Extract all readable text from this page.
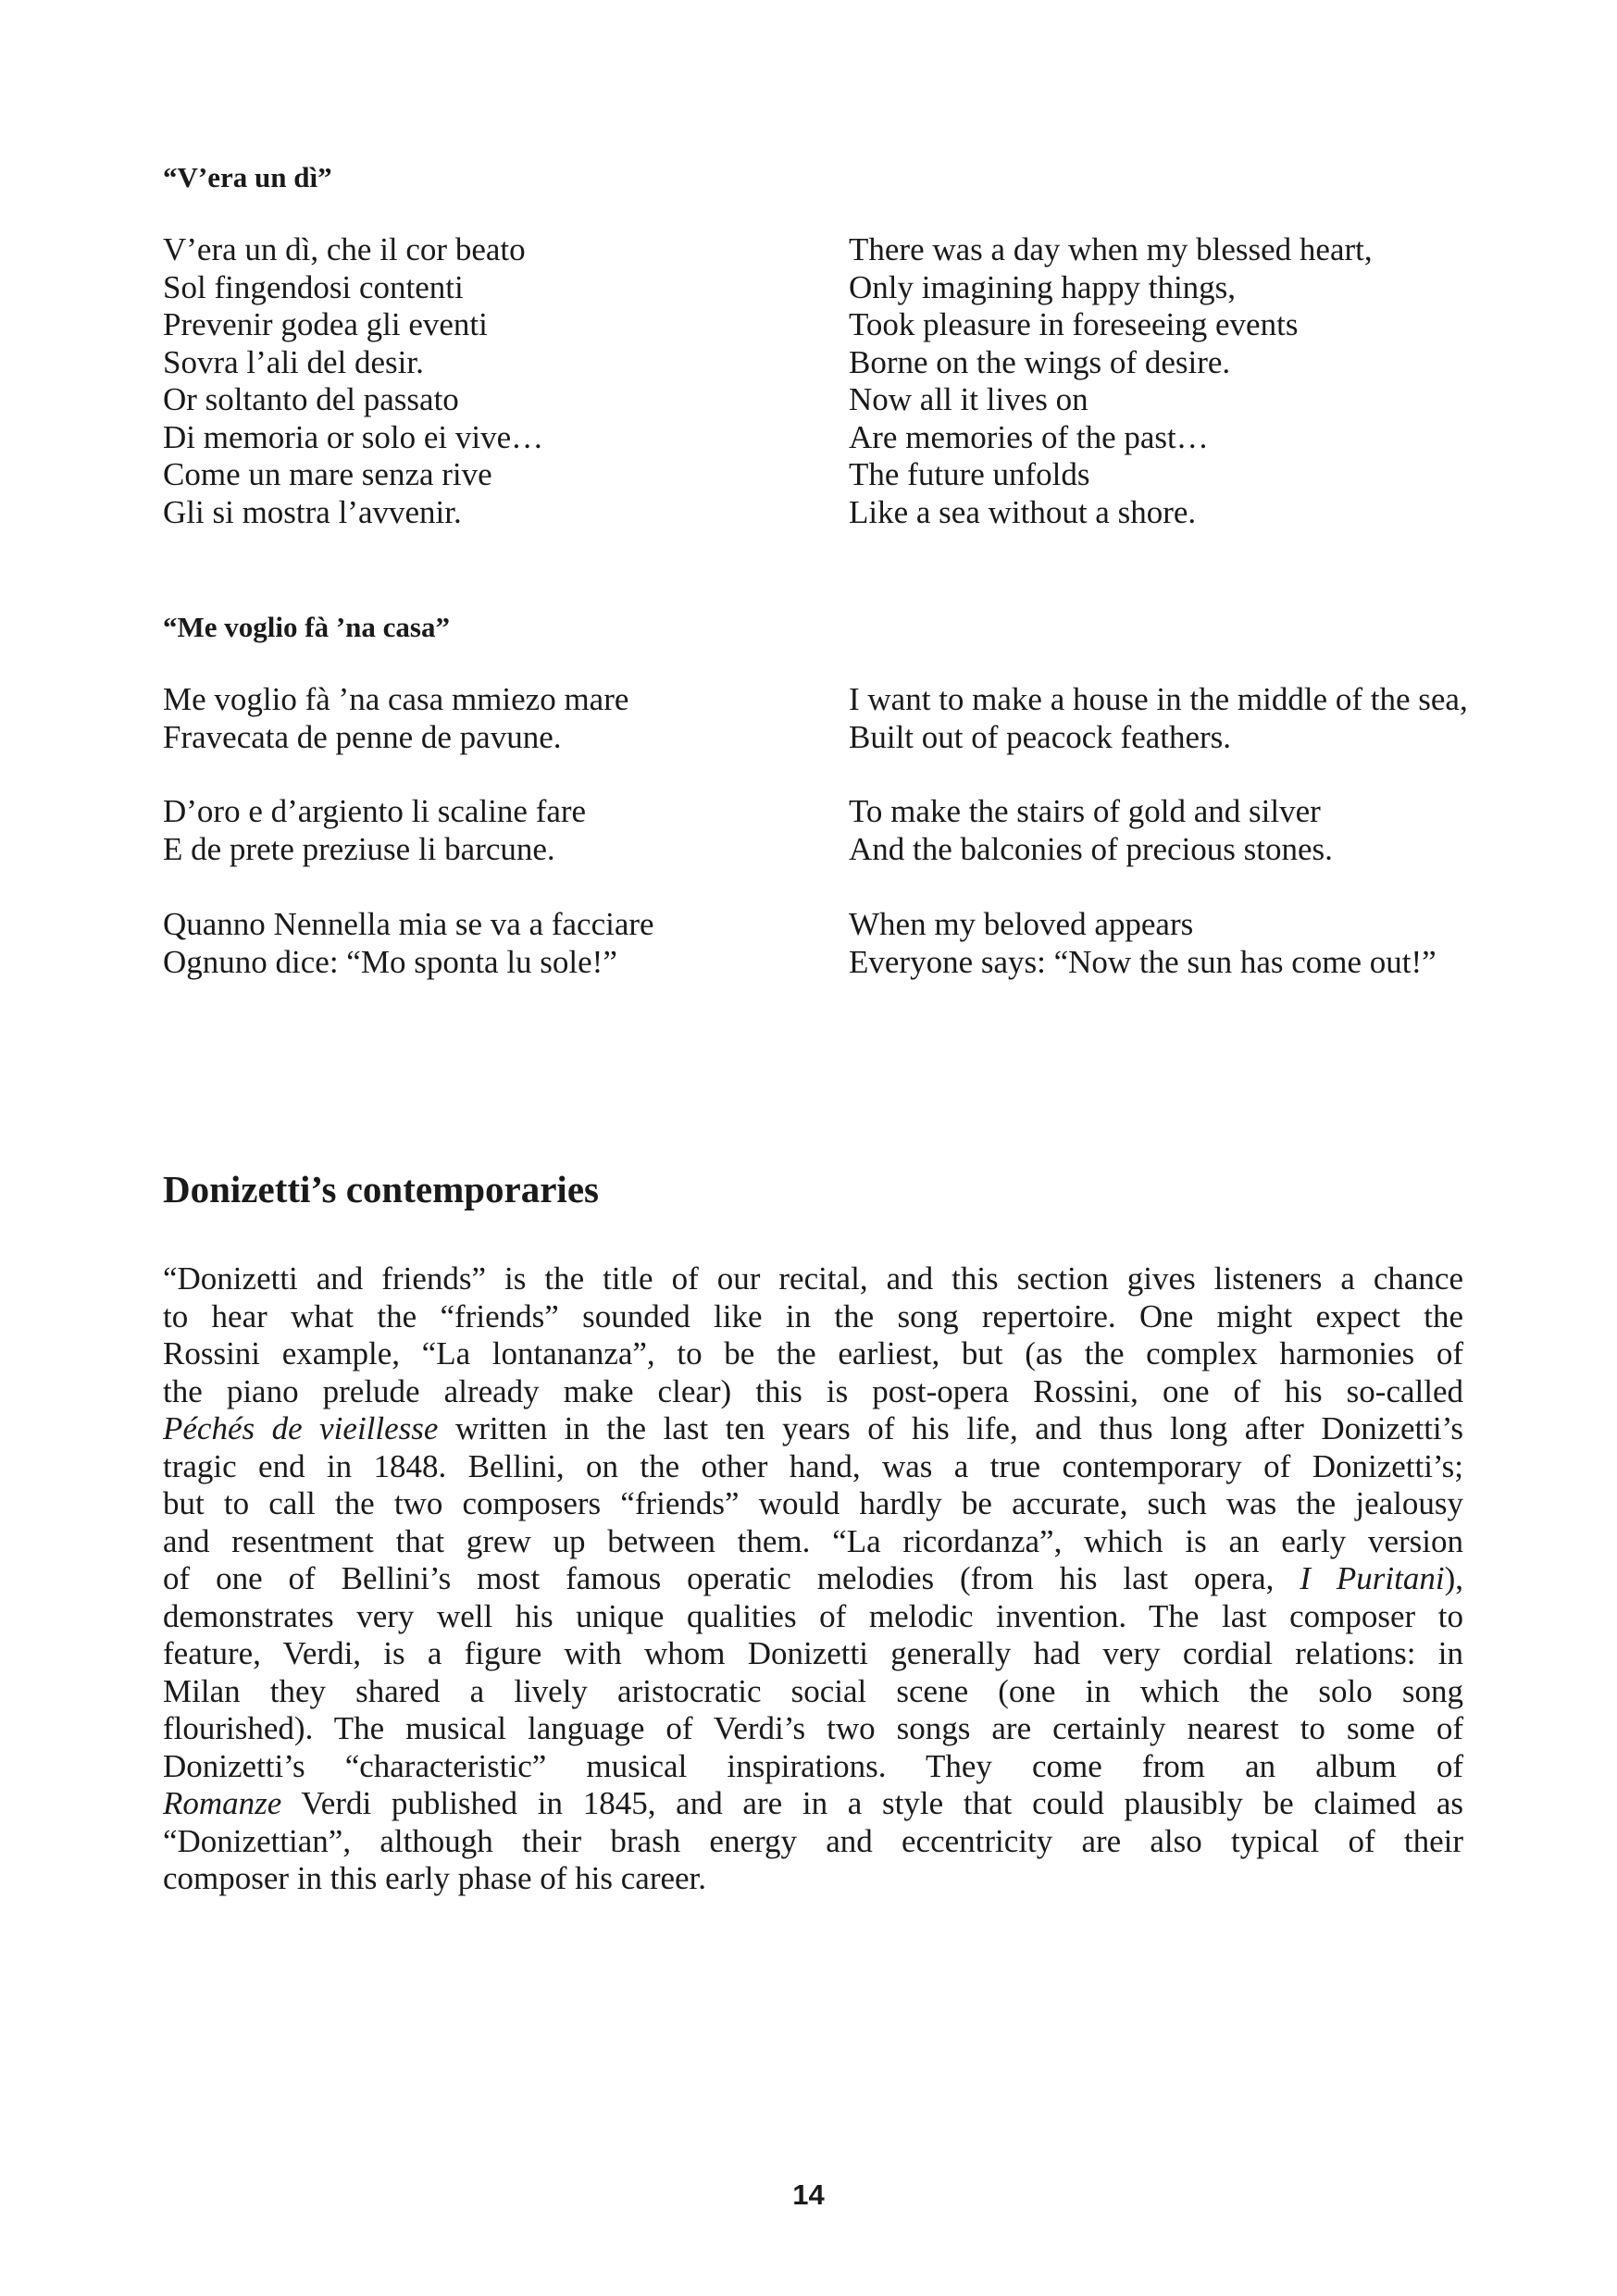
“V’era un dì”
V’era un dì, che il cor beato
Sol fingendosi contenti
Prevenir godea gli eventi
Sovra l’ali del desir.
Or soltanto del passato
Di memoria or solo ei vive…
Come un mare senza rive
Gli si mostra l’avvenir.
There was a day when my blessed heart,
Only imagining happy things,
Took pleasure in foreseeing events
Borne on the wings of desire.
Now all it lives on
Are memories of the past…
The future unfolds
Like a sea without a shore.
“Me voglio fà ’na casa”
Me voglio fà ’na casa mmiezo mare
Fravecata de penne de pavune.
I want to make a house in the middle of the sea,
Built out of peacock feathers.
D’oro e d’argiento li scaline fare
E de prete preziuse li barcune.
To make the stairs of gold and silver
And the balconies of precious stones.
Quanno Nennella mia se va a facciare
Ognuno dice: “Mo sponta lu sole!”
When my beloved appears
Everyone says: “Now the sun has come out!”
Donizetti’s contemporaries
“Donizetti and friends” is the title of our recital, and this section gives listeners a chance
to hear what the “friends” sounded like in the song repertoire. One might expect the
Rossini example, “La lontananza”, to be the earliest, but (as the complex harmonies of
the piano prelude already make clear) this is post-opera Rossini, one of his so-called
Péchés de vieillesse written in the last ten years of his life, and thus long after Donizetti’s
tragic end in 1848. Bellini, on the other hand, was a true contemporary of Donizetti’s;
but to call the two composers “friends” would hardly be accurate, such was the jealousy
and resentment that grew up between them. “La ricordanza”, which is an early version
of one of Bellini’s most famous operatic melodies (from his last opera, I Puritani),
demonstrates very well his unique qualities of melodic invention. The last composer to
feature, Verdi, is a figure with whom Donizetti generally had very cordial relations: in
Milan they shared a lively aristocratic social scene (one in which the solo song
flourished). The musical language of Verdi’s two songs are certainly nearest to some of
Donizetti’s “characteristic” musical inspirations. They come from an album of
Romanze Verdi published in 1845, and are in a style that could plausibly be claimed as
“Donizettian”, although their brash energy and eccentricity are also typical of their
composer in this early phase of his career.
14
